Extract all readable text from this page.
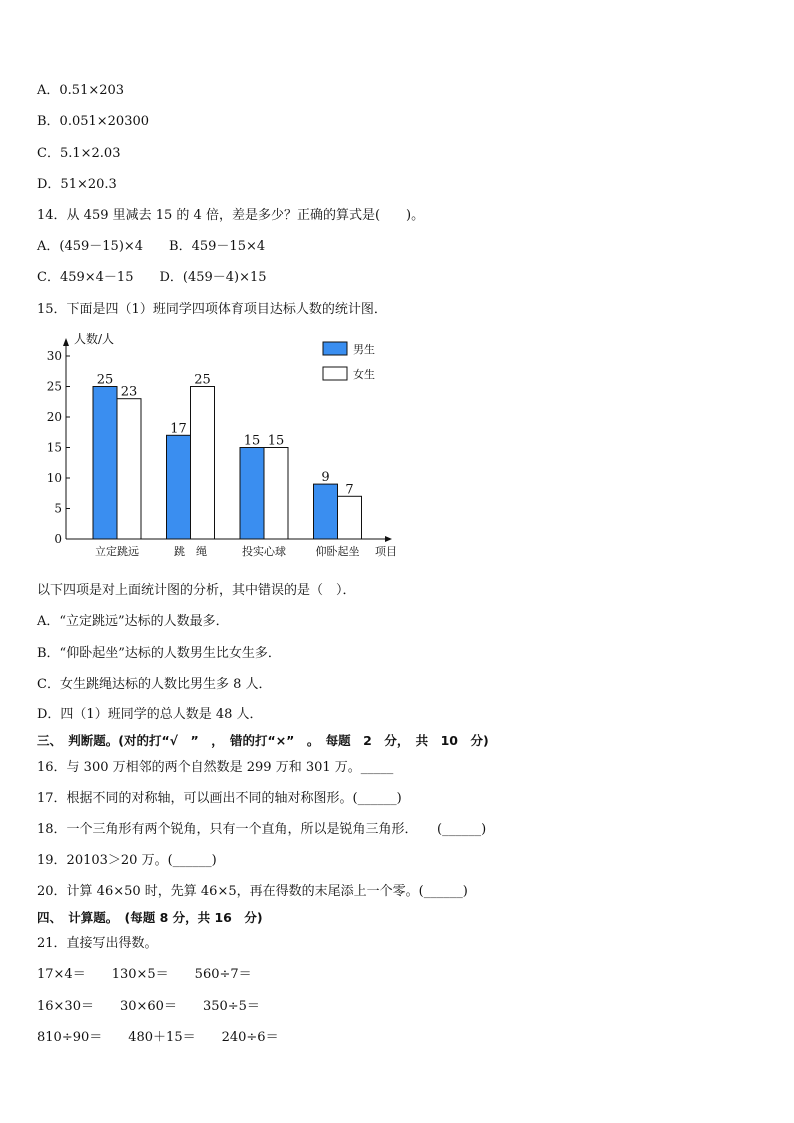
A．0.51×203
B．0.051×20300
C．5.1×2.03
D．51×20.3
14．从 459 里减去 15 的 4 倍，差是多少？正确的算式是(　　)。
A．(459－15)×4　　B．459－15×4
C．459×4－15　　D．(459－4)×15
15．下面是四（1）班同学四项体育项目达标人数的统计图．
0
5
10
15
20
25
30
人数/人
项目
25
23
立定跳远
17
25
跳　绳
15 15
投实心球
9
7
仰卧起坐
男生
女生
以下四项是对上面统计图的分析，其中错误的是（　）．
A．“立定跳远”达标的人数最多．
B．“仰卧起坐”达标的人数男生比女生多．
C．女生跳绳达标的人数比男生多 8 人．
D．四（1）班同学的总人数是 48 人．
三、　判断题。(对的打“√　”　，　错的打“×”　。　每题　2　分，　共　10　分)
16．与 300 万相邻的两个自然数是 299 万和 301 万。_____
17．根据不同的对称轴，可以画出不同的轴对称图形。(______)
18．一个三角形有两个锐角，只有一个直角，所以是锐角三角形．　　(______)
19．20103＞20 万。(______)
20．计算 46×50 时，先算 46×5，再在得数的末尾添上一个零。(______)
四、　计算题。　(每题 8 分，共 16　分)
21．直接写出得数。
17×4＝　　130×5＝　　560÷7＝
16×30＝　　30×60＝　　350÷5＝
810÷90＝　　480＋15＝　　240÷6＝
